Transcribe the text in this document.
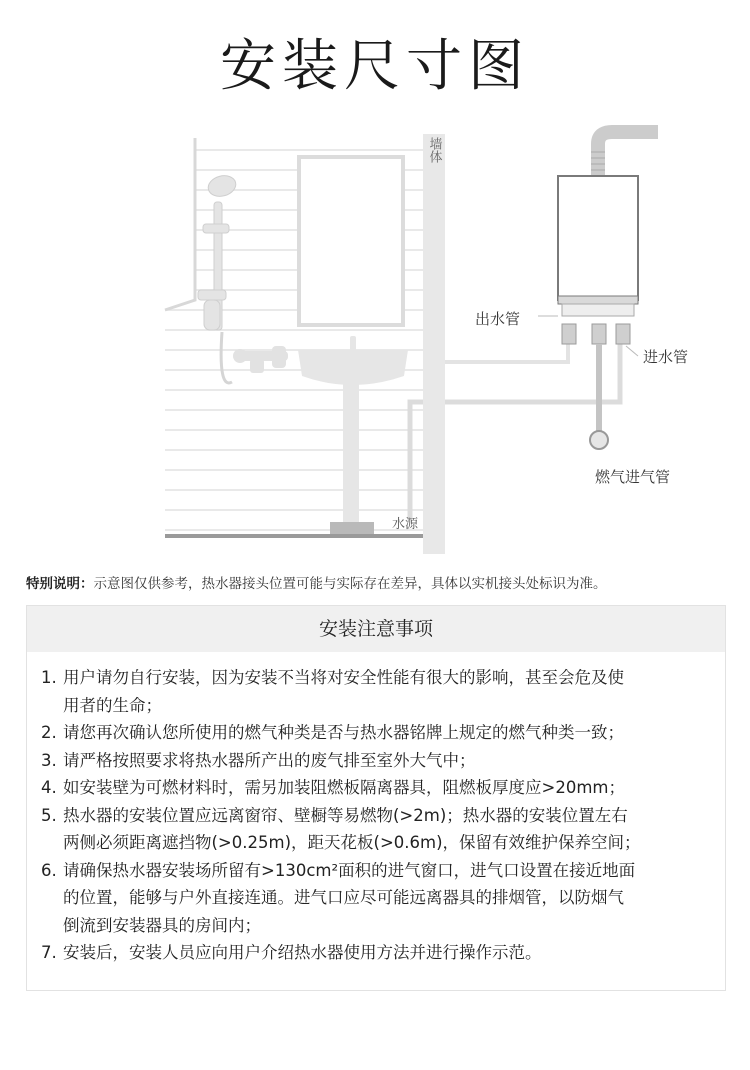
安装尺寸图
墙体
水源
出水管
进水管
燃气进气管
特别说明：示意图仅供参考，热水器接头位置可能与实际存在差异，具体以实机接头处标识为准。
安装注意事项
1. 用户请勿自行安装，因为安装不当将对安全性能有很大的影响，甚至会危及使
用者的生命；
2. 请您再次确认您所使用的燃气种类是否与热水器铭牌上规定的燃气种类一致；
3. 请严格按照要求将热水器所产出的废气排至室外大气中；
4. 如安装壁为可燃材料时，需另加装阻燃板隔离器具，阻燃板厚度应>20mm；
5. 热水器的安装位置应远离窗帘、壁橱等易燃物(>2m)；热水器的安装位置左右
两侧必须距离遮挡物(>0.25m)，距天花板(>0.6m)，保留有效维护保养空间；
6. 请确保热水器安装场所留有>130cm²面积的进气窗口，进气口设置在接近地面
的位置，能够与户外直接连通。进气口应尽可能远离器具的排烟管，以防烟气
倒流到安装器具的房间内；
7. 安装后，安装人员应向用户介绍热水器使用方法并进行操作示范。
